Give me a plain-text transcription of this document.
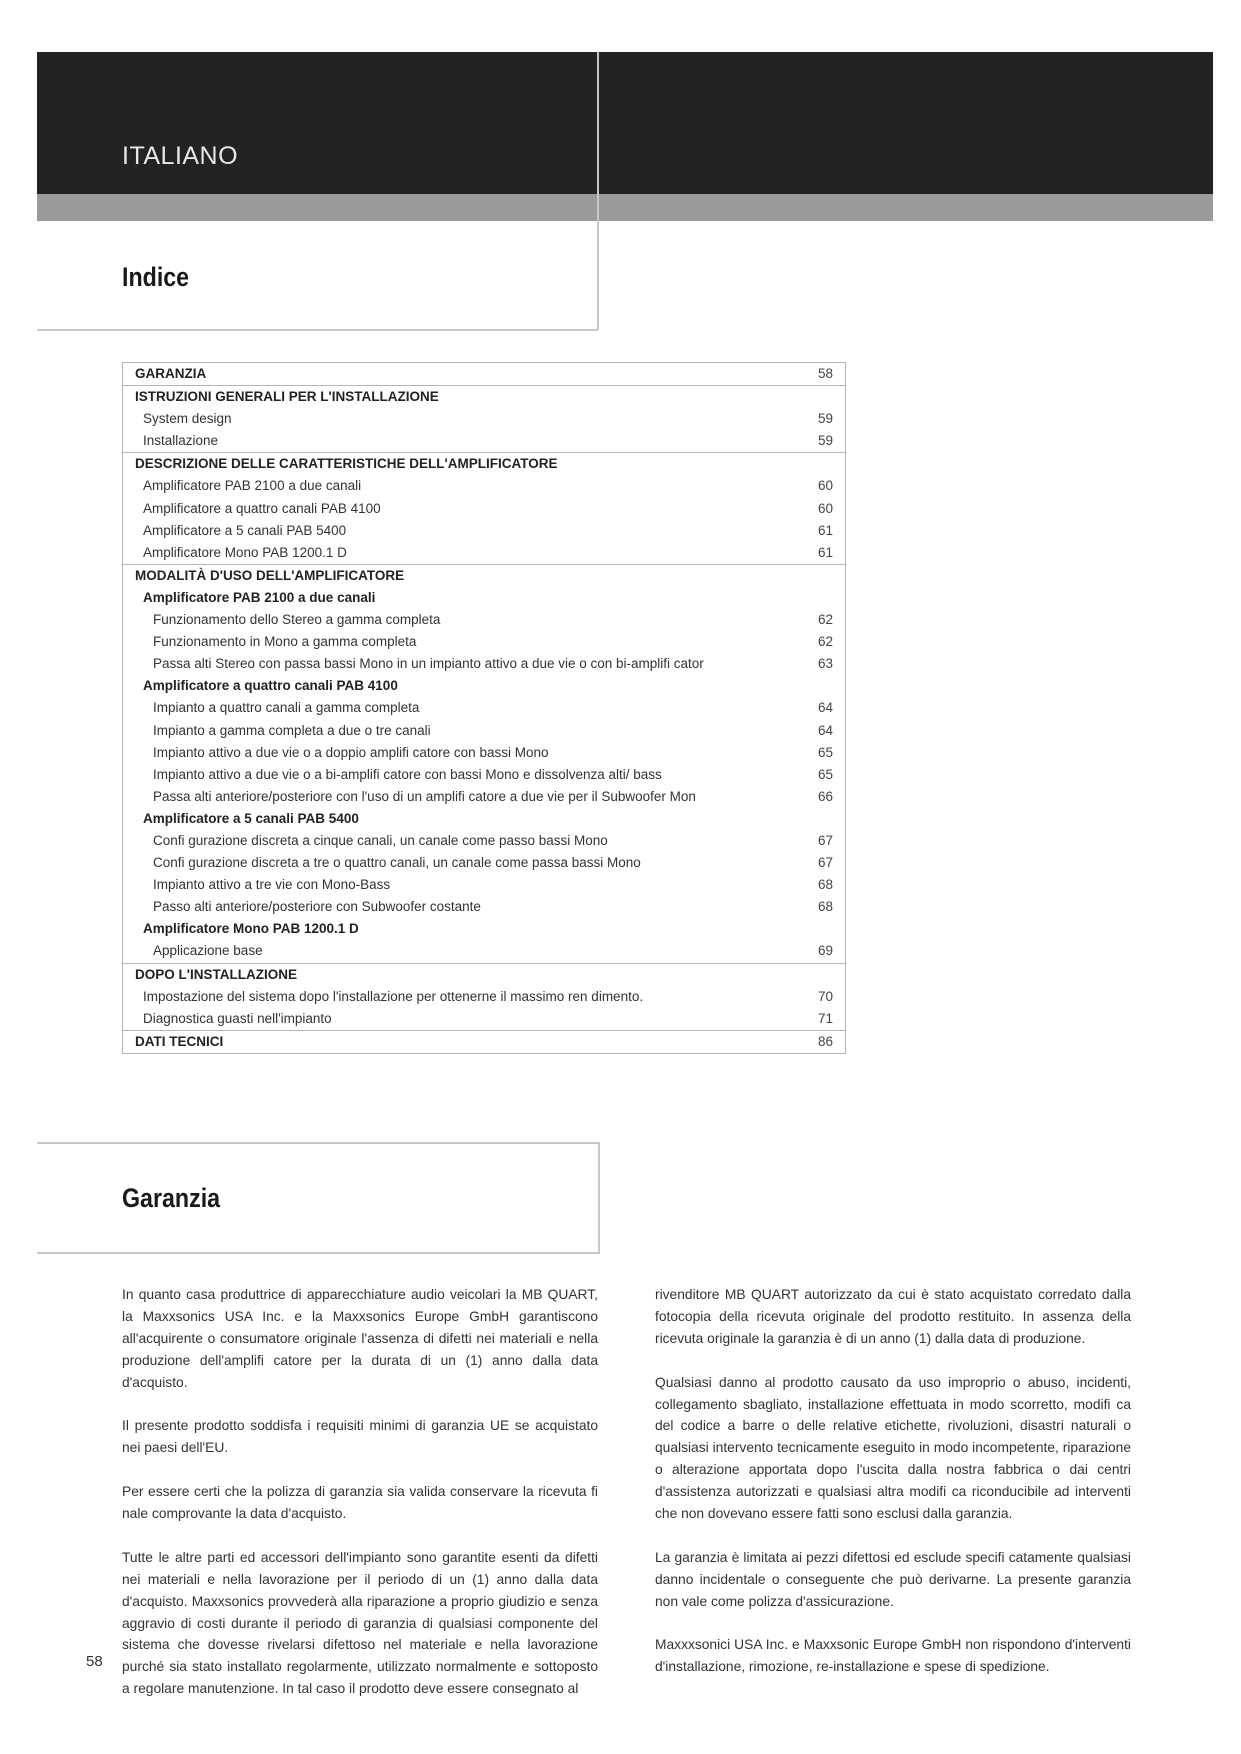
ITALIANO
Indice
GARANZIA	58
ISTRUZIONI GENERALI PER L'INSTALLAZIONE
System design	59
Installazione	59
DESCRIZIONE DELLE CARATTERISTICHE DELL'AMPLIFICATORE
Amplificatore PAB 2100 a due canali	60
Amplificatore a quattro canali PAB 4100	60
Amplificatore a 5 canali PAB 5400	61
Amplificatore Mono PAB 1200.1 D	61
MODALITÀ D'USO DELL'AMPLIFICATORE
Amplificatore PAB 2100 a due canali
Funzionamento dello Stereo a gamma completa	62
Funzionamento in Mono a gamma completa	62
Passa alti Stereo con passa bassi Mono in un impianto attivo a due vie o con bi-amplifi cator	63
Amplificatore a quattro canali PAB 4100
Impianto a quattro canali a gamma completa	64
Impianto a gamma completa a due o tre canali	64
Impianto attivo a due vie o a doppio amplifi catore con bassi Mono	65
Impianto attivo a due vie o a bi-amplifi catore con bassi Mono e dissolvenza alti/ bass	65
Passa alti anteriore/posteriore con l'uso di un amplifi catore a due vie per il Subwoofer Mon	66
Amplificatore a 5 canali PAB 5400
Confi gurazione discreta a cinque canali, un canale come passo bassi Mono	67
Confi gurazione discreta a tre o quattro canali, un canale come passa bassi Mono	67
Impianto attivo a tre vie con Mono-Bass	68
Passo alti anteriore/posteriore con Subwoofer costante	68
Amplificatore Mono PAB 1200.1 D
Applicazione base	69
DOPO L'INSTALLAZIONE
Impostazione del sistema dopo l'installazione per ottenerne il massimo ren dimento.	70
Diagnostica guasti nell'impianto	71
DATI TECNICI	86
Garanzia

In quanto casa produttrice di apparecchiature audio veicolari la MB QUART, la Maxxsonics USA Inc. e la Maxxsonics Europe GmbH garantiscono all'acquirente o consumatore originale l'assenza di difetti nei materiali e nella produzione dell'amplifi catore per la durata di un (1) anno dalla data d'acquisto.

Il presente prodotto soddisfa i requisiti minimi di garanzia UE se acquistato nei paesi dell'EU.

Per essere certi che la polizza di garanzia sia valida conservare la ricevuta fi nale comprovante la data d'acquisto.

Tutte le altre parti ed accessori dell'impianto sono garantite esenti da difetti nei materiali e nella lavorazione per il periodo di un (1) anno dalla data d'acquisto. Maxxsonics provvederà alla riparazione a proprio giudizio e senza aggravio di costi durante il periodo di garanzia di qualsiasi componente del sistema che dovesse rivelarsi difettoso nel materiale e nella lavorazione purché sia stato installato regolarmente, utilizzato normalmente e sottoposto a regolare manutenzione. In tal caso il prodotto deve essere consegnato al

rivenditore MB QUART autorizzato da cui è stato acquistato corredato dalla fotocopia della ricevuta originale del prodotto restituito. In assenza della ricevuta originale la garanzia è di un anno (1) dalla data di produzione.

Qualsiasi danno al prodotto causato da uso improprio o abuso, incidenti, collegamento sbagliato, installazione effettuata in modo scorretto, modifi ca del codice a barre o delle relative etichette, rivoluzioni, disastri naturali o qualsiasi intervento tecnicamente eseguito in modo incompetente, riparazione o alterazione apportata dopo l'uscita dalla nostra fabbrica o dai centri d'assistenza autorizzati e qualsiasi altra modifi ca riconducibile ad interventi che non dovevano essere fatti sono esclusi dalla garanzia.

La garanzia è limitata ai pezzi difettosi ed esclude specifi catamente qualsiasi danno incidentale o conseguente che può derivarne. La presente garanzia non vale come polizza d'assicurazione.

Maxxxsonici USA Inc. e Maxxsonic Europe GmbH non rispondono d'interventi d'installazione, rimozione, re-installazione e spese di spedizione.

58
